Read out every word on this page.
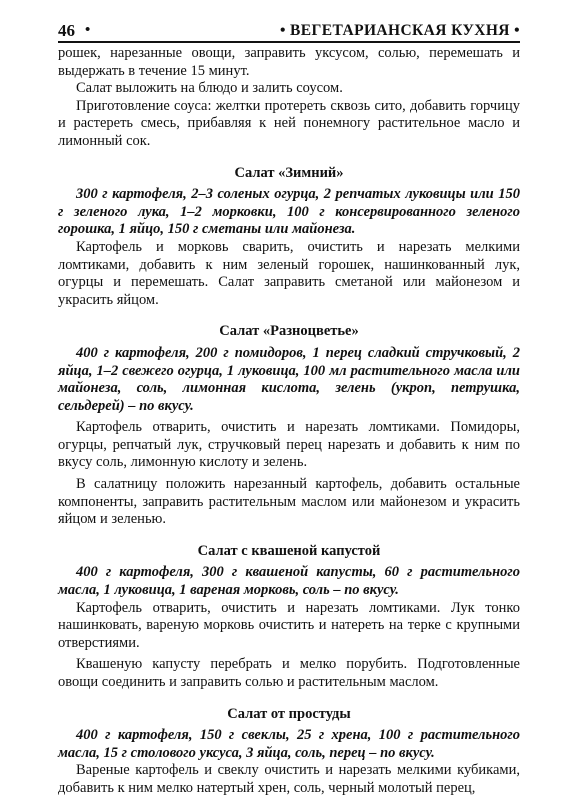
46 •	• ВЕГЕТАРИАНСКАЯ КУХНЯ •

рошек, нарезанные овощи, заправить уксусом, солью, перемешать и выдержать в течение 15 минут.

Салат выложить на блюдо и залить соусом.

Приготовление соуса: желтки протереть сквозь сито, добавить горчицу и растереть смесь, прибавляя к ней понемногу растительное масло и лимонный сок.

Салат «Зимний»

300 г картофеля, 2–3 соленых огурца, 2 репчатых луковицы или 150 г зеленого лука, 1–2 морковки, 100 г консервированного зеленого горошка, 1 яйцо, 150 г сметаны или майонеза.

Картофель и морковь сварить, очистить и нарезать мелкими ломтиками, добавить к ним зеленый горошек, нашинкованный лук, огурцы и перемешать. Салат заправить сметаной или майонезом и украсить яйцом.

Салат «Разноцветье»

400 г картофеля, 200 г помидоров, 1 перец сладкий стручковый, 2 яйца, 1–2 свежего огурца, 1 луковица, 100 мл растительного масла или майонеза, соль, лимонная кислота, зелень (укроп, петрушка, сельдерей) – по вкусу.

Картофель отварить, очистить и нарезать ломтиками. Помидоры, огурцы, репчатый лук, стручковый перец нарезать и добавить к ним по вкусу соль, лимонную кислоту и зелень.

В салатницу положить нарезанный картофель, добавить остальные компоненты, заправить растительным маслом или майонезом и украсить яйцом и зеленью.

Салат с квашеной капустой

400 г картофеля, 300 г квашеной капусты, 60 г растительного масла, 1 луковица, 1 вареная морковь, соль – по вкусу.

Картофель отварить, очистить и нарезать ломтиками. Лук тонко нашинковать, вареную морковь очистить и натереть на терке с крупными отверстиями.

Квашеную капусту перебрать и мелко порубить. Подготовленные овощи соединить и заправить солью и растительным маслом.

Салат от простуды

400 г картофеля, 150 г свеклы, 25 г хрена, 100 г растительного масла, 15 г столового уксуса, 3 яйца, соль, перец – по вкусу.

Вареные картофель и свеклу очистить и нарезать мелкими кубиками, добавить к ним мелко натертый хрен, соль, черный молотый перец,
